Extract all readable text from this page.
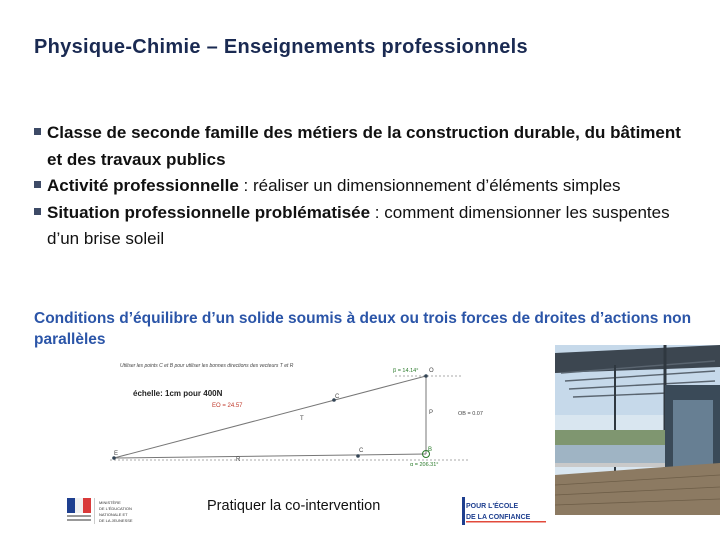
Physique-Chimie – Enseignements professionnels
Classe de seconde famille des métiers de la construction durable, du bâtiment et des travaux publics
Activité professionnelle : réaliser un dimensionnement d’éléments simples
Situation professionnelle problématisée : comment dimensionner les suspentes d’un brise soleil
Conditions d’équilibre d’un solide soumis à deux ou trois forces de droites d’actions non parallèles
Utiliser les points C et B pour utiliser les bonnes directions des vecteurs T et R
échelle: 1cm pour 400N
EO = 24.57
β = 14.14° O
C
P	OB = 0.07
T
C	B
E
R
α = 206.31°
MINISTÈRE
DE L'ÉDUCATION
NATIONALE ET
DE LA JEUNESSE
Pratiquer la co-intervention	POUR L'ÉCOLE
DE LA CONFIANCE
